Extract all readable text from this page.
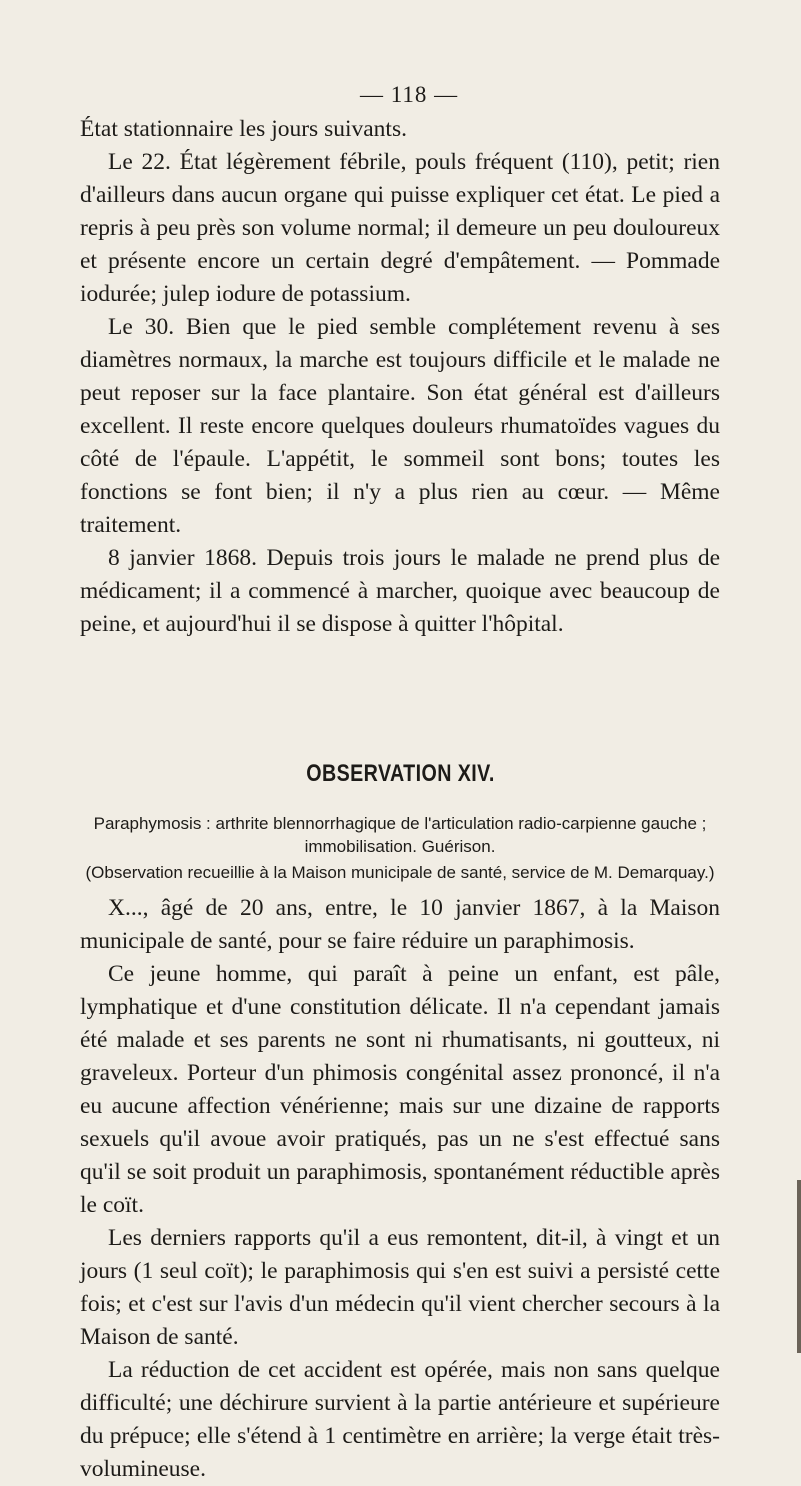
— 118 —

État stationnaire les jours suivants.

Le 22. État légèrement fébrile, pouls fréquent (110), petit; rien d'ailleurs dans aucun organe qui puisse expliquer cet état. Le pied a repris à peu près son volume normal; il demeure un peu douloureux et présente encore un certain degré d'empâtement. — Pommade iodurée; julep iodure de potassium.

Le 30. Bien que le pied semble complétement revenu à ses diamètres normaux, la marche est toujours difficile et le malade ne peut reposer sur la face plantaire. Son état général est d'ailleurs excellent. Il reste encore quelques douleurs rhumatoïdes vagues du côté de l'épaule. L'appétit, le sommeil sont bons; toutes les fonctions se font bien; il n'y a plus rien au cœur. — Même traitement.

8 janvier 1868. Depuis trois jours le malade ne prend plus de médicament; il a commencé à marcher, quoique avec beaucoup de peine, et aujourd'hui il se dispose à quitter l'hôpital.

OBSERVATION XIV.
Paraphymosis : arthrite blennorrhagique de l'articulation radio-carpienne gauche ; immobilisation. Guérison.
(Observation recueillie à la Maison municipale de santé, service de M. Demarquay.)

X..., âgé de 20 ans, entre, le 10 janvier 1867, à la Maison municipale de santé, pour se faire réduire un paraphimosis.

Ce jeune homme, qui paraît à peine un enfant, est pâle, lymphatique et d'une constitution délicate. Il n'a cependant jamais été malade et ses parents ne sont ni rhumatisants, ni goutteux, ni graveleux. Porteur d'un phimosis congénital assez prononcé, il n'a eu aucune affection vénérienne; mais sur une dizaine de rapports sexuels qu'il avoue avoir pratiqués, pas un ne s'est effectué sans qu'il se soit produit un paraphimosis, spontanément réductible après le coït.

Les derniers rapports qu'il a eus remontent, dit-il, à vingt et un jours (1 seul coït); le paraphimosis qui s'en est suivi a persisté cette fois; et c'est sur l'avis d'un médecin qu'il vient chercher secours à la Maison de santé.

La réduction de cet accident est opérée, mais non sans quelque difficulté; une déchirure survient à la partie antérieure et supérieure du prépuce; elle s'étend à 1 centimètre en arrière; la verge était très-volumineuse.
